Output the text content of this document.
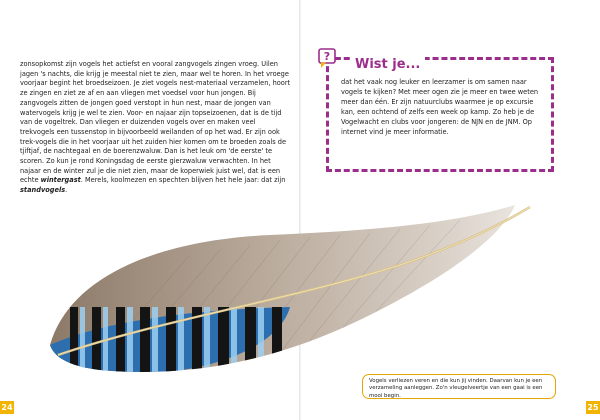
zonsopkomst zijn vogels het actiefst en vooral zangvogels zingen vroeg. Uilen jagen 's nachts, die krijg je meestal niet te zien, maar wel te horen. In het vroege voorjaar begint het broedseizoen. Je ziet vogels nest-materiaal verzamelen, hoort ze zingen en ziet ze af en aan vliegen met voedsel voor hun jongen. Bij zangvogels zitten de jongen goed verstopt in hun nest, maar de jongen van watervogels krijg je wel te zien. Voor- en najaar zijn topseizoenen, dat is de tijd van de vogeltrek. Dan vliegen er duizenden vogels over en maken veel trekvogels een tussenstop in bijvoorbeeld weilanden of op het wad. Er zijn ook trek-vogels die in het voorjaar uit het zuiden hier komen om te broeden zoals de tjiftjaf, de nachtegaal en de boerenzwaluw. Dan is het leuk om 'de eerste' te scoren. Zo kun je rond Koningsdag de eerste gierzwaluw verwachten. In het najaar en de winter zul je die niet zien, maar de koperwiek juist wel, dat is een echte wintergast. Merels, koolmezen en spechten blijven het hele jaar: dat zijn standvogels.

24
Wist je...
dat het vaak nog leuker en leerzamer is om samen naar vogels te kijken? Met meer ogen zie je meer en twee weten meer dan één. Er zijn natuurclubs waarmee je op excursie kan, een ochtend of zelfs een week op kamp. Zo heb je de Vogelwacht en clubs voor jongeren: de NJN en de JNM. Op internet vind je meer informatie.
?
Vogels verliezen veren en die kun jij vinden. Daarvan kun je een verzameling aanleggen. Zo'n vleugelveertje van een gaai is een mooi begin.
25
